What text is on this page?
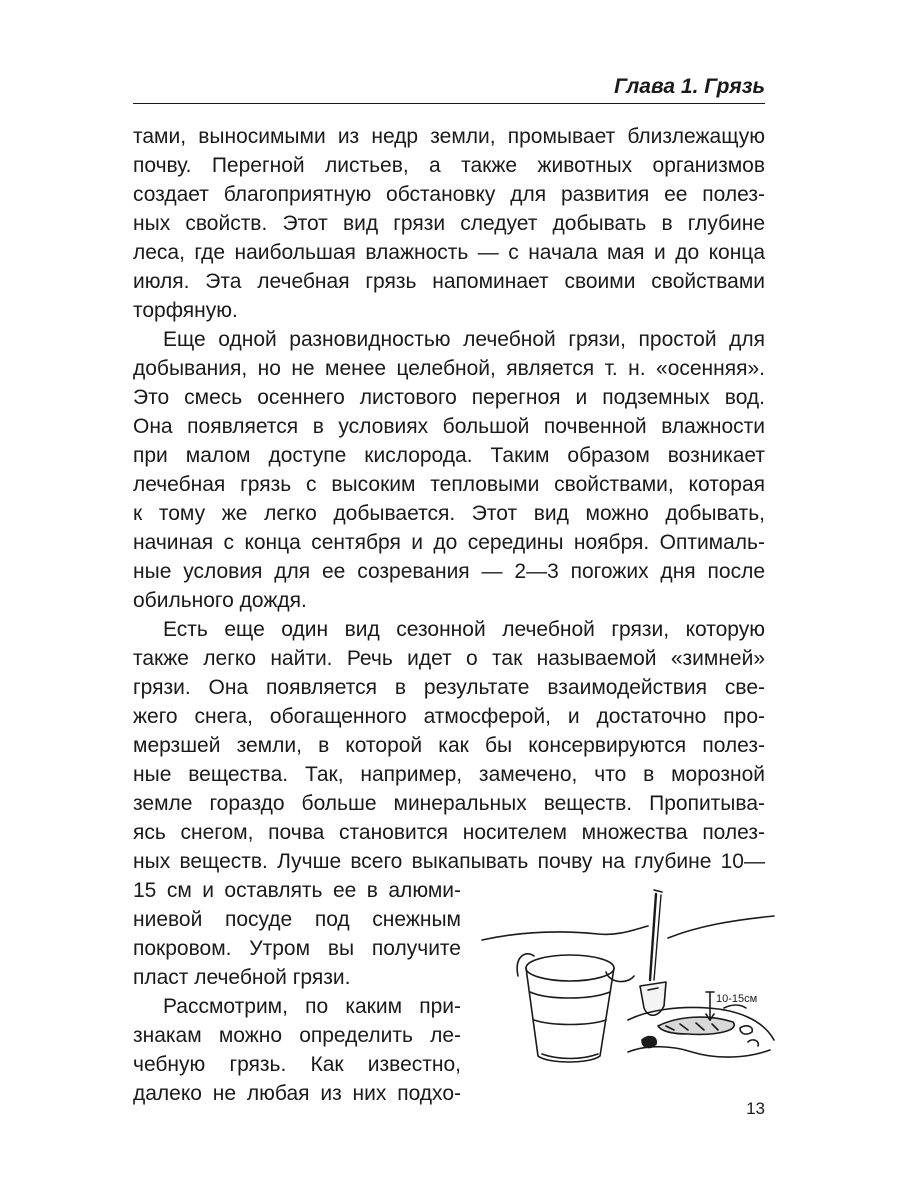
Глава 1. Грязь
тами, выносимыми из недр земли, промывает близлежащую
почву. Перегной листьев, а также животных организмов
создает благоприятную обстановку для развития ее полез-
ных свойств. Этот вид грязи следует добывать в глубине
леса, где наибольшая влажность — с начала мая и до конца
июля. Эта лечебная грязь напоминает своими свойствами
торфяную.
Еще одной разновидностью лечебной грязи, простой для
добывания, но не менее целебной, является т. н. «осенняя».
Это смесь осеннего листового перегноя и подземных вод.
Она появляется в условиях большой почвенной влажности
при малом доступе кислорода. Таким образом возникает
лечебная грязь с высоким тепловыми свойствами, которая
к тому же легко добывается. Этот вид можно добывать,
начиная с конца сентября и до середины ноября. Оптималь-
ные условия для ее созревания — 2—3 погожих дня после
обильного дождя.
Есть еще один вид сезонной лечебной грязи, которую
также легко найти. Речь идет о так называемой «зимней»
грязи. Она появляется в результате взаимодействия све-
жего снега, обогащенного атмосферой, и достаточно про-
мерзшей земли, в которой как бы консервируются полез-
ные вещества. Так, например, замечено, что в морозной
земле гораздо больше минеральных веществ. Пропитыва-
ясь снегом, почва становится носителем множества полез-
ных веществ. Лучше всего выкапывать почву на глубине 10—
15 см и оставлять ее в алюми-
ниевой посуде под снежным
покровом. Утром вы получите
пласт лечебной грязи.
Рассмотрим, по каким при-
знакам можно определить ле-
чебную грязь. Как известно,
далеко не любая из них подхо-
10-15см
13
